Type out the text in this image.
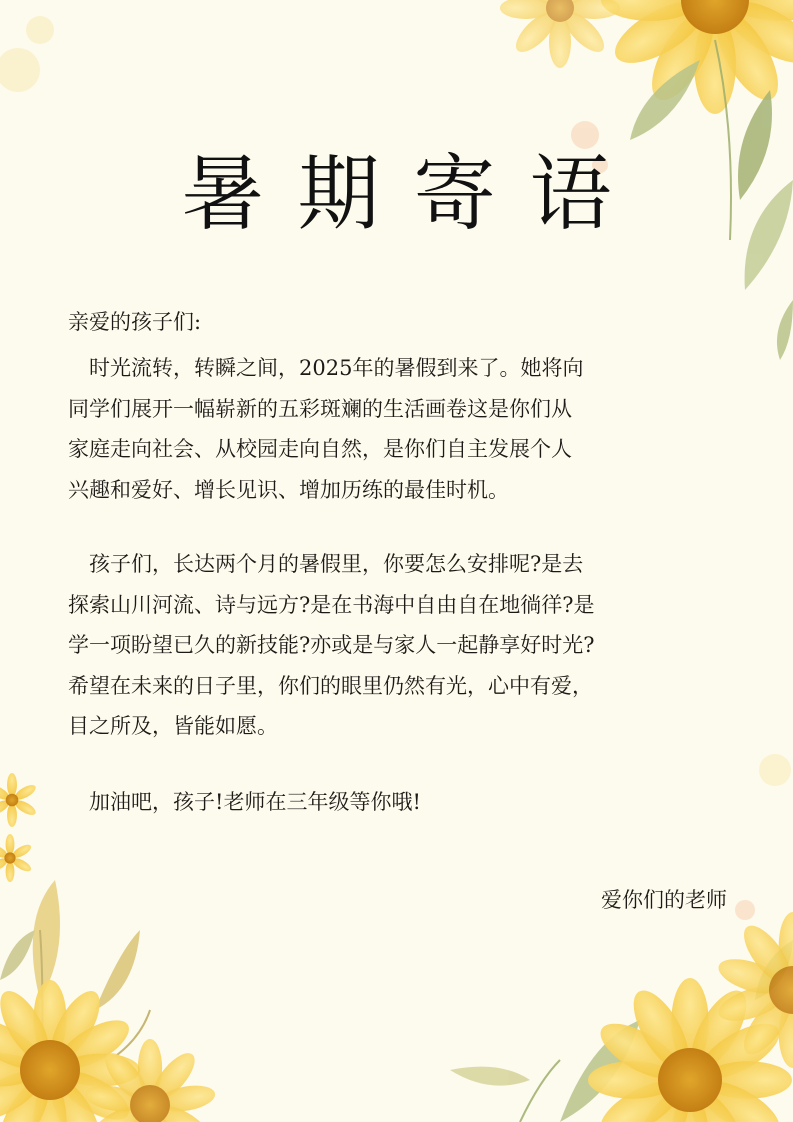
暑期寄语

亲爱的孩子们:

　时光流转，转瞬之间，2025年的暑假到来了。她将向
同学们展开一幅崭新的五彩斑斓的生活画卷这是你们从
家庭走向社会、从校园走向自然，是你们自主发展个人
兴趣和爱好、增长见识、增加历练的最佳时机。

　孩子们，长达两个月的暑假里，你要怎么安排呢?是去
探索山川河流、诗与远方?是在书海中自由自在地徜徉?是
学一项盼望已久的新技能?亦或是与家人一起静享好时光?
希望在未来的日子里，你们的眼里仍然有光，心中有爱，
目之所及，皆能如愿。

　加油吧，孩子!老师在三年级等你哦!

爱你们的老师
